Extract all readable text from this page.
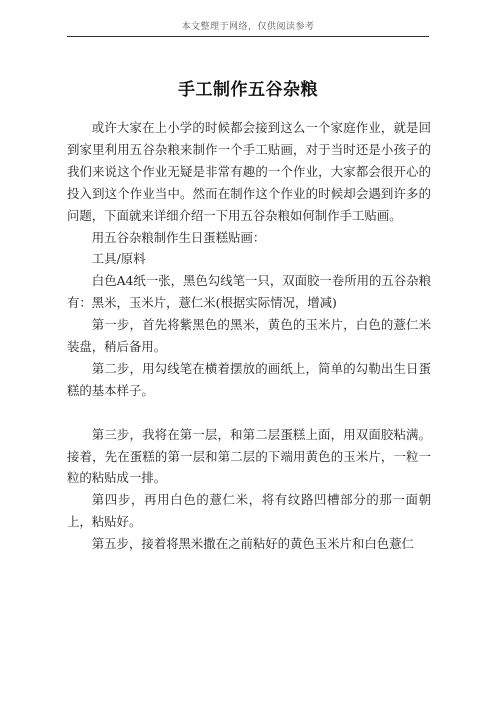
本文整理于网络，仅供阅读参考
手工制作五谷杂粮

或许大家在上小学的时候都会接到这么一个家庭作业，就是回到家里利用五谷杂粮来制作一个手工贴画，对于当时还是小孩子的我们来说这个作业无疑是非常有趣的一个作业，大家都会很开心的投入到这个作业当中。然而在制作这个作业的时候却会遇到许多的问题，下面就来详细介绍一下用五谷杂粮如何制作手工贴画。

用五谷杂粮制作生日蛋糕贴画：

工具/原料

白色A4纸一张，黑色勾线笔一只，双面胶一卷所用的五谷杂粮有：黑米，玉米片，薏仁米(根据实际情况，增减)

第一步，首先将紫黑色的黑米，黄色的玉米片，白色的薏仁米装盘，稍后备用。

第二步，用勾线笔在横着摆放的画纸上，简单的勾勒出生日蛋糕的基本样子。

第三步，我将在第一层，和第二层蛋糕上面，用双面胶粘满。接着，先在蛋糕的第一层和第二层的下端用黄色的玉米片，一粒一粒的粘贴成一排。

第四步，再用白色的薏仁米，将有纹路凹槽部分的那一面朝上，粘贴好。

第五步，接着将黑米撒在之前粘好的黄色玉米片和白色薏仁
